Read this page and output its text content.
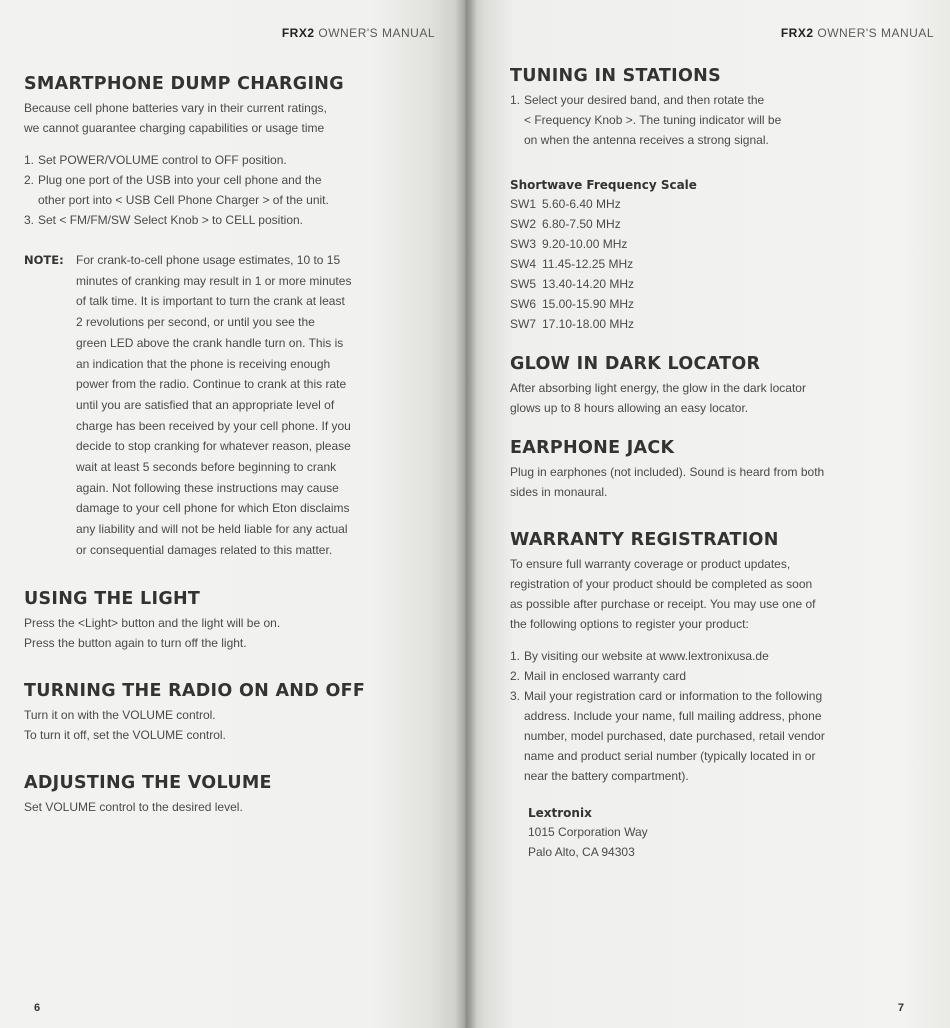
FRX2 OWNER'S MANUAL
SMARTPHONE DUMP CHARGING

Because cell phone batteries vary in their current ratings,

we cannot guarantee charging capabilities or usage time

1. Set POWER/VOLUME control to OFF position.
2. Plug one port of the USB into your cell phone and the
other port into < USB Cell Phone Charger > of the unit.
3. Set < FM/FM/SW Select Knob > to CELL position.
NOTE: For crank-to-cell phone usage estimates, 10 to 15
minutes of cranking may result in 1 or more minutes
of talk time. It is important to turn the crank at least
2 revolutions per second, or until you see the
green LED above the crank handle turn on. This is
an indication that the phone is receiving enough
power from the radio. Continue to crank at this rate
until you are satisfied that an appropriate level of
charge has been received by your cell phone. If you
decide to stop cranking for whatever reason, please
wait at least 5 seconds before beginning to crank
again. Not following these instructions may cause
damage to your cell phone for which Eton disclaims
any liability and will not be held liable for any actual
or consequential damages related to this matter.
USING THE LIGHT

Press the <Light> button and the light will be on.

Press the button again to turn off the light.

TURNING THE RADIO ON AND OFF

Turn it on with the VOLUME control.

To turn it off, set the VOLUME control.

ADJUSTING THE VOLUME

Set VOLUME control to the desired level.

6
FRX2 OWNER'S MANUAL
TUNING IN STATIONS
1. Select your desired band, and then rotate the
< Frequency Knob >. The tuning indicator will be
on when the antenna receives a strong signal.
Shortwave Frequency Scale
SW1 5.60-6.40 MHz
SW2 6.80-7.50 MHz
SW3 9.20-10.00 MHz
SW4 11.45-12.25 MHz
SW5 13.40-14.20 MHz
SW6 15.00-15.90 MHz
SW7 17.10-18.00 MHz
GLOW IN DARK LOCATOR

After absorbing light energy, the glow in the dark locator

glows up to 8 hours allowing an easy locator.

EARPHONE JACK

Plug in earphones (not included). Sound is heard from both

sides in monaural.

WARRANTY REGISTRATION

To ensure full warranty coverage or product updates,

registration of your product should be completed as soon

as possible after purchase or receipt. You may use one of

the following options to register your product:

1. By visiting our website at www.lextronixusa.de
2. Mail in enclosed warranty card
3. Mail your registration card or information to the following
address. Include your name, full mailing address, phone
number, model purchased, date purchased, retail vendor
name and product serial number (typically located in or
near the battery compartment).
Lextronix

1015 Corporation Way

Palo Alto, CA 94303

7
